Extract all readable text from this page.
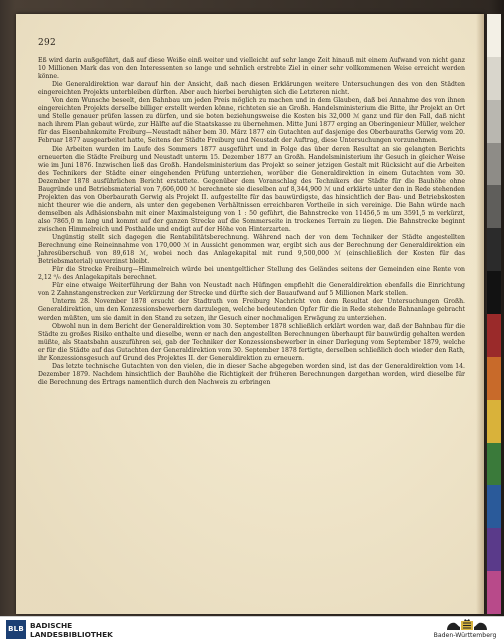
292

Eß wird darin außgeführt, daß auf diese Weiße einß weiter und vielleicht auf sehr lange Zeit hinauß mit einem Aufwand von nicht ganz 10 Millionen Mark das von den Interessenten so lange und sehnlich erstrebte Ziel in einer sehr vollkommenen Weise erreicht werden könne.

Die Generaldirektion war darauf hin der Ansicht, daß nach diesen Erklärungen weitere Untersuchungen des von den Städten eingereichten Projekts unterbleiben dürften. Aber auch hierbei beruhigten sich die Letzteren nicht.

Von dem Wunsche beseelt, den Bahnbau um jeden Preis möglich zu machen und in dem Glauben, daß bei Annahme des von ihnen eingereichten Projekts derselbe billiger erstellt werden könne, richteten sie an Großh. Handelsministerium die Bitte, ihr Projekt an Ort und Stelle genauer prüfen lassen zu dürfen, und sie boten beziehungsweise die Kosten bis 32,000 ℳ ganz und für den Fall, daß nicht nach ihrem Plan gebaut würde, zur Hälfte auf die Staatskasse zu übernehmen. Mitte Juni 1877 erging an Oberingenieur Müller, welcher für das Eisenbahnkomite Freiburg—Neustadt näher bem 30. März 1877 ein Gutachten auf dasjenige des Oberbauraths Gerwig vom 20. Februar 1877 ausgearbeitet hatte, Seitens der Städte Freiburg und Neustadt der Auftrag, diese Untersuchungen vorzunehmen.

Die Arbeiten wurden im Laufe des Sommers 1877 ausgeführt und in Folge das über deren Resultat an sie gelangten Berichts erneuerten die Städte Freiburg und Neustadt unterm 15. Dezember 1877 an Großh. Handelsministerium ihr Gesuch in gleicher Weise wie im Juni 1876. Inzwischen ließ das Großh. Handelsministerium das Projekt so seiner jetzigen Gestalt mit Rücksicht auf die Arbeiten des Technikers der Städte einer eingehenden Prüfung unterziehen, worüber die Generaldirektion in einem Gutachten vom 30. Dezember 1878 ausführlichen Bericht erstattete. Gegenüber dem Voranschlag des Technikers der Städte für die Bauhöhe ohne Baugründe und Betriebsmaterial von 7,606,000 ℳ berechnete sie dieselben auf 8,344,900 ℳ und erklärte unter den in Rede stehenden Projekten das von Oberbaurath Gerwig als Projekt II. aufgestellte für das bauwürdigste, das hinsichtlich der Bau- und Betriebskosten nicht theurer wie die andern, als unter den gegebenen Verhältnissen erreichbaren Vortheile in sich vereinige. Die Bahn würde nach demselben als Adhäsionsbahn mit einer Maximalsteigung von 1 : 50 geführt, die Bahnstrecke von 11456,5 m um 3591,5 m verkürzt, also 7865,0 m lang und kommt auf der ganzen Strecke auf die Sommerseite in trockenes Terrain zu liegen. Die Bahnstrecke beginnt zwischen Himmelreich und Posthalde und endigt auf der Höhe von Hinterzarten.

Ungünstig stellt sich dagegen die Rentabilitätsberechnung. Während nach der von dem Techniker der Städte angestellten Berechnung eine Reineinnahme von 170,000 ℳ in Aussicht genommen war, ergibt sich aus der Berechnung der Generaldirektion ein Jahresüberschuß von 89,618 ℳ, wobei noch das Anlagekapital mit rund 9,500,000 ℳ (einschließlich der Kosten für das Betriebsmaterial) unverzinst bleibt.

Für die Strecke Freiburg—Himmelreich würde bei unentgeltlicher Stellung des Geländes seitens der Gemeinden eine Rente von 2,12 ⁰/₀ des Anlagekapitals berechnet.

Für eine etwaige Weiterführung der Bahn von Neustadt nach Hüfingen empfiehlt die Generaldirektion ebenfalls die Einrichtung von 2 Zahnstangenstrecken zur Verkürzung der Strecke und dürfte sich der Bauaufwand auf 5 Millionen Mark stellen.

Unterm 28. November 1878 ersucht der Stadtrath von Freiburg Nachricht von dem Resultat der Untersuchungen Großh. Generaldirektion, um den Konzessionsbewerbern darzulegen, welche bedeutenden Opfer für die in Rede stehende Bahnanlage gebracht werden müßten, um sie damit in den Stand zu setzen, ihr Gesuch einer nochmaligen Erwägung zu unterziehen.

Obwohl nun in dem Bericht der Generaldirektion vom 30. September 1878 schließlich erklärt worden war, daß der Bahnbau für die Städte zu großes Risiko enthalte und dieselbe, wenn er nach den angestellten Berechnungen überhaupt für bauwürdig gehalten werden müßte, als Staatsbahn auszuführen sei, gab der Techniker der Konzessionsbewerber in einer Darlegung vom September 1879, welche er für die Städte auf das Gutachten der Generaldirektion vom 30. September 1878 fertigte, derselben schließlich doch wieder den Rath, ihr Konzessionsgesuch auf Grund des Projektes II. der Generaldirektion zu erneuern.

Das letzte technische Gutachten von den vielen, die in dieser Sache abgegeben worden sind, ist das der Generaldirektion vom 14. Dezember 1879. Nachdem hinsichtlich der Bauhöhe die Richtigkeit der früheren Berechnungen dargethan worden, wird dieselbe für die Berechnung des Ertrags namentlich durch den Nachweis zu erbringen

BLB BADISCHE
LANDESBIBLIOTHEK	Baden-Württemberg
